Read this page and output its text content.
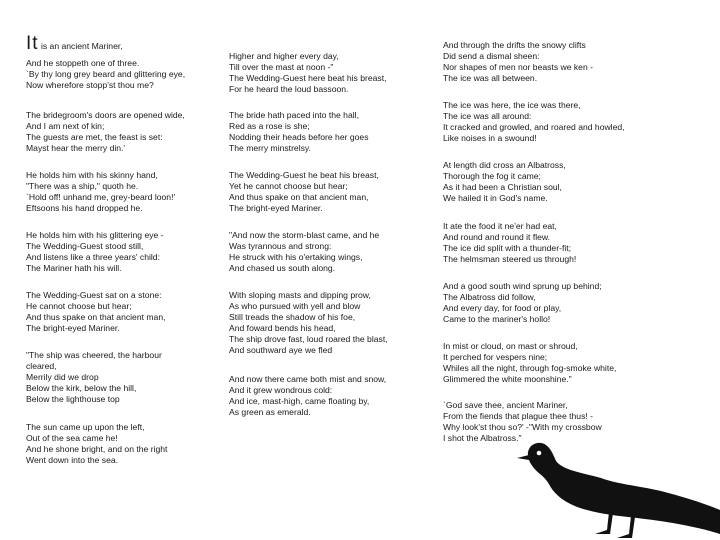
It is an ancient Mariner,

And he stoppeth one of three.
`By thy long grey beard and glittering eye,
Now wherefore stopp'st thou me?

The bridegroom's doors are opened wide,
And I am next of kin;
The guests are met, the feast is set:
Mayst hear the merry din.'

He holds him with his skinny hand,
"There was a ship," quoth he.
`Hold off! unhand me, grey-beard loon!'
Eftsoons his hand dropped he.

He holds him with his glittering eye -
The Wedding-Guest stood still,
And listens like a three years' child:
The Mariner hath his will.

The Wedding-Guest sat on a stone:
He cannot choose but hear;
And thus spake on that ancient man,
The bright-eyed Mariner.

"The ship was cheered, the harbour
cleared,
Merrily did we drop
Below the kirk, below the hill,
Below the lighthouse top

The sun came up upon the left,
Out of the sea came he!
And he shone bright, and on the right
Went down into the sea.

Higher and higher every day,
Till over the mast at noon -"
The Wedding-Guest here beat his breast,
For he heard the loud bassoon.

The bride hath paced into the hall,
Red as a rose is she;
Nodding their heads before her goes
The merry minstrelsy.

The Wedding-Guest he beat his breast,
Yet he cannot choose but hear;
And thus spake on that ancient man,
The bright-eyed Mariner.

"And now the storm-blast came, and he
Was tyrannous and strong:
He struck with his o'ertaking wings,
And chased us south along.

With sloping masts and dipping prow,
As who pursued with yell and blow
Still treads the shadow of his foe,
And foward bends his head,
The ship drove fast, loud roared the blast,
And southward aye we fled

And now there came both mist and snow,
And it grew wondrous cold:
And ice, mast-high, came floating by,
As green as emerald.

And through the drifts the snowy clifts
Did send a dismal sheen:
Nor shapes of men nor beasts we ken -
The ice was all between.

The ice was here, the ice was there,
The ice was all around:
It cracked and growled, and roared and howled,
Like noises in a swound!

At length did cross an Albatross,
Thorough the fog it came;
As it had been a Christian soul,
We hailed it in God's name.

It ate the food it ne'er had eat,
And round and round it flew.
The ice did split with a thunder-fit;
The helmsman steered us through!

And a good south wind sprung up behind;
The Albatross did follow,
And every day, for food or play,
Came to the mariner's hollo!

In mist or cloud, on mast or shroud,
It perched for vespers nine;
Whiles all the night, through fog-smoke white,
Glimmered the white moonshine."

`God save thee, ancient Mariner,
From the fiends that plague thee thus! -
Why look'st thou so?' -"With my crossbow
I shot the Albatross."
